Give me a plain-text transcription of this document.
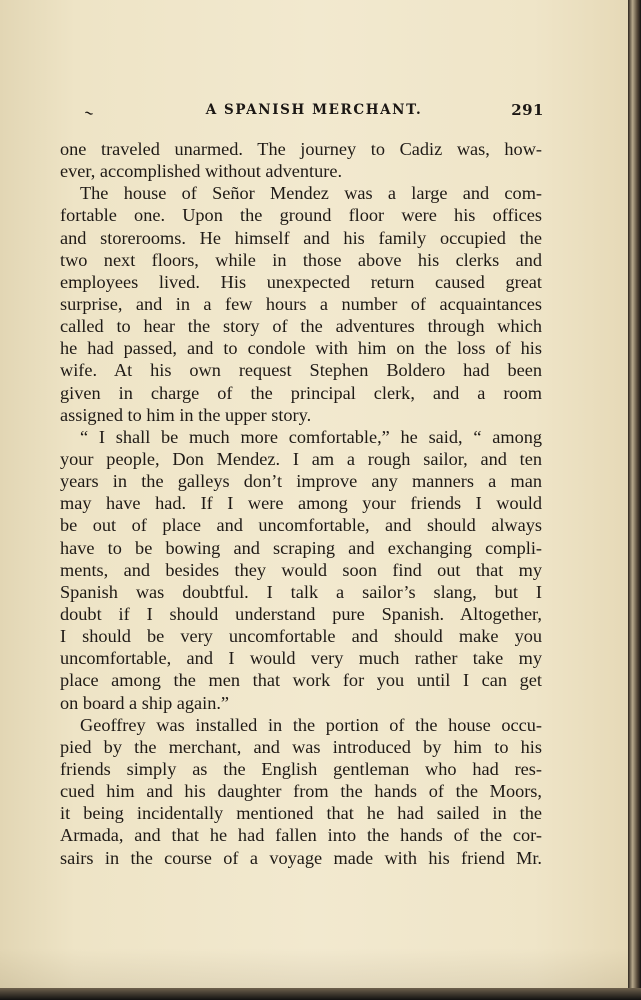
~	A SPANISH MERCHANT.	291
one traveled unarmed. The journey to Cadiz was, how-
ever, accomplished without adventure.
The house of Señor Mendez was a large and com-
fortable one. Upon the ground floor were his offices
and storerooms. He himself and his family occupied the
two next floors, while in those above his clerks and
employees lived. His unexpected return caused great
surprise, and in a few hours a number of acquaintances
called to hear the story of the adventures through which
he had passed, and to condole with him on the loss of his
wife. At his own request Stephen Boldero had been
given in charge of the principal clerk, and a room
assigned to him in the upper story.
“ I shall be much more comfortable,” he said, “ among
your people, Don Mendez. I am a rough sailor, and ten
years in the galleys don’t improve any manners a man
may have had. If I were among your friends I would
be out of place and uncomfortable, and should always
have to be bowing and scraping and exchanging compli-
ments, and besides they would soon find out that my
Spanish was doubtful. I talk a sailor’s slang, but I
doubt if I should understand pure Spanish. Altogether,
I should be very uncomfortable and should make you
uncomfortable, and I would very much rather take my
place among the men that work for you until I can get
on board a ship again.”
Geoffrey was installed in the portion of the house occu-
pied by the merchant, and was introduced by him to his
friends simply as the English gentleman who had res-
cued him and his daughter from the hands of the Moors,
it being incidentally mentioned that he had sailed in the
Armada, and that he had fallen into the hands of the cor-
sairs in the course of a voyage made with his friend Mr.
